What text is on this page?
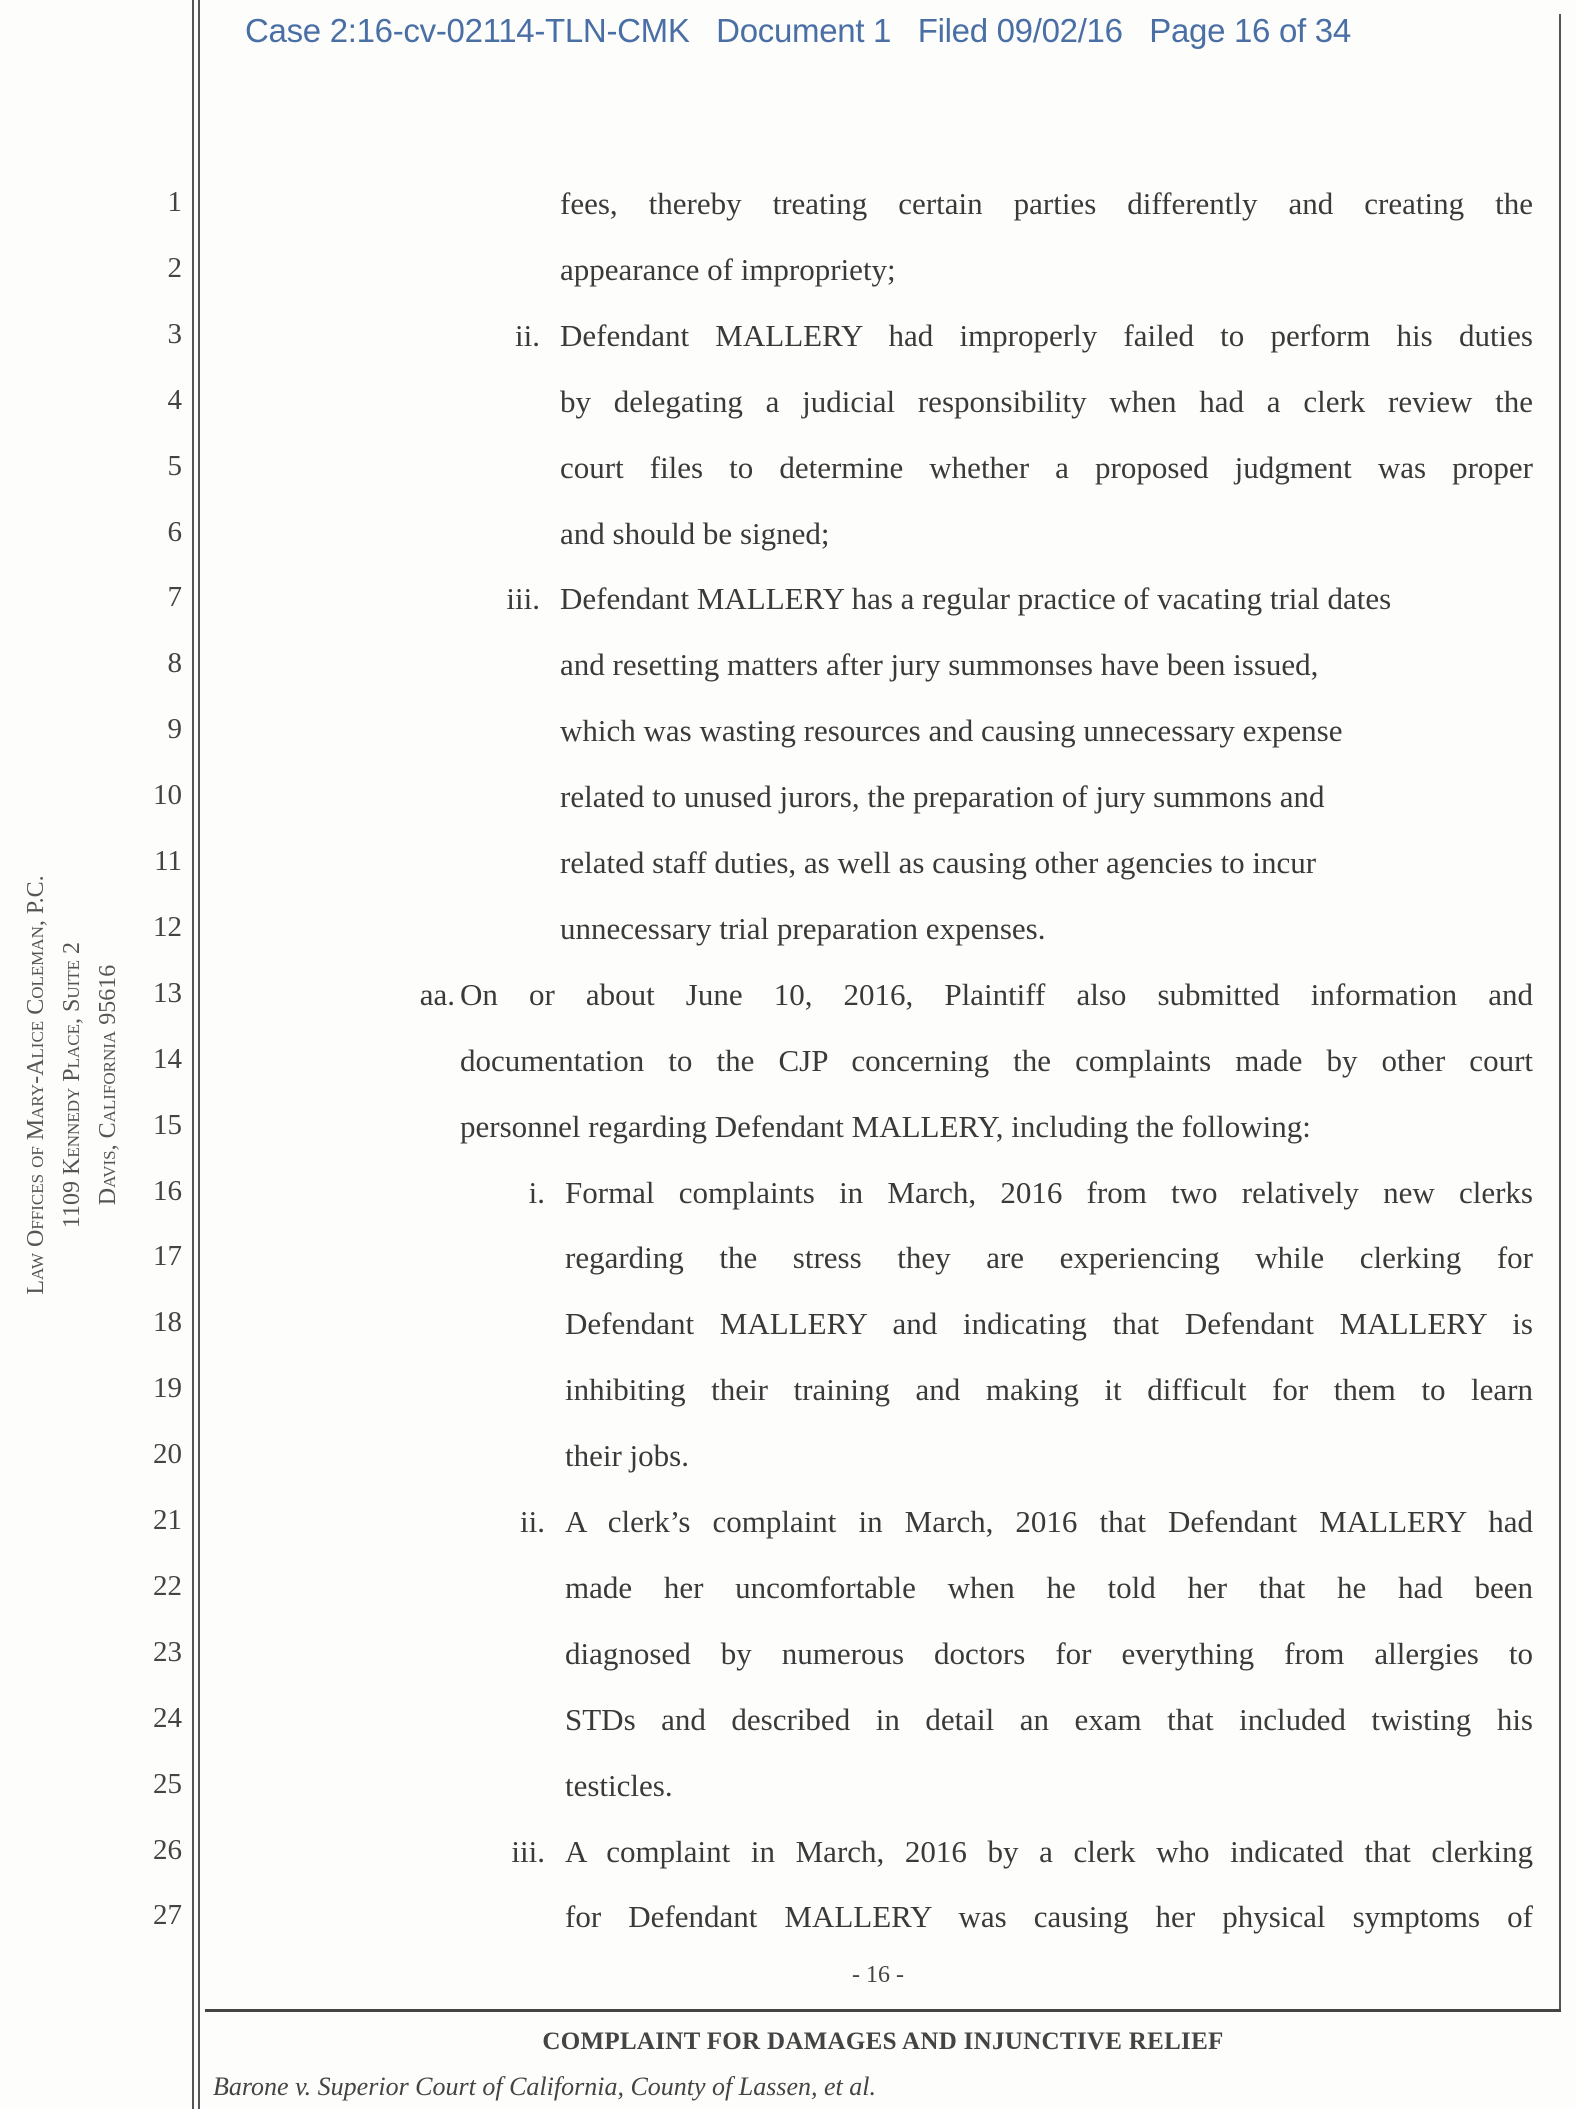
Case 2:16-cv-02114-TLN-CMK   Document 1   Filed 09/02/16   Page 16 of 34
Law Offices of Mary-Alice Coleman, P.C. 1109 Kennedy Place, Suite 2 Davis, California 95616
1
2
3
4
5
6
7
8
9
10
11
12
13
14
15
16
17
18
19
20
21
22
23
24
25
26
27
fees, thereby treating certain parties differently and creating the
appearance of impropriety;
ii. Defendant MALLERY had improperly failed to perform his duties
by delegating a judicial responsibility when had a clerk review the
court files to determine whether a proposed judgment was proper
and should be signed;
iii. Defendant MALLERY has a regular practice of vacating trial dates
and resetting matters after jury summonses have been issued,
which was wasting resources and causing unnecessary expense
related to unused jurors, the preparation of jury summons and
related staff duties, as well as causing other agencies to incur
unnecessary trial preparation expenses.
aa. On or about June 10, 2016, Plaintiff also submitted information and
documentation to the CJP concerning the complaints made by other court
personnel regarding Defendant MALLERY, including the following:
i. Formal complaints in March, 2016 from two relatively new clerks
regarding the stress they are experiencing while clerking for
Defendant MALLERY and indicating that Defendant MALLERY is
inhibiting their training and making it difficult for them to learn
their jobs.
ii. A clerk’s complaint in March, 2016 that Defendant MALLERY had
made her uncomfortable when he told her that he had been
diagnosed by numerous doctors for everything from allergies to
STDs and described in detail an exam that included twisting his
testicles.
iii. A complaint in March, 2016 by a clerk who indicated that clerking
for Defendant MALLERY was causing her physical symptoms of
- 16 -
COMPLAINT FOR DAMAGES AND INJUNCTIVE RELIEF
Barone v. Superior Court of California, County of Lassen, et al.
